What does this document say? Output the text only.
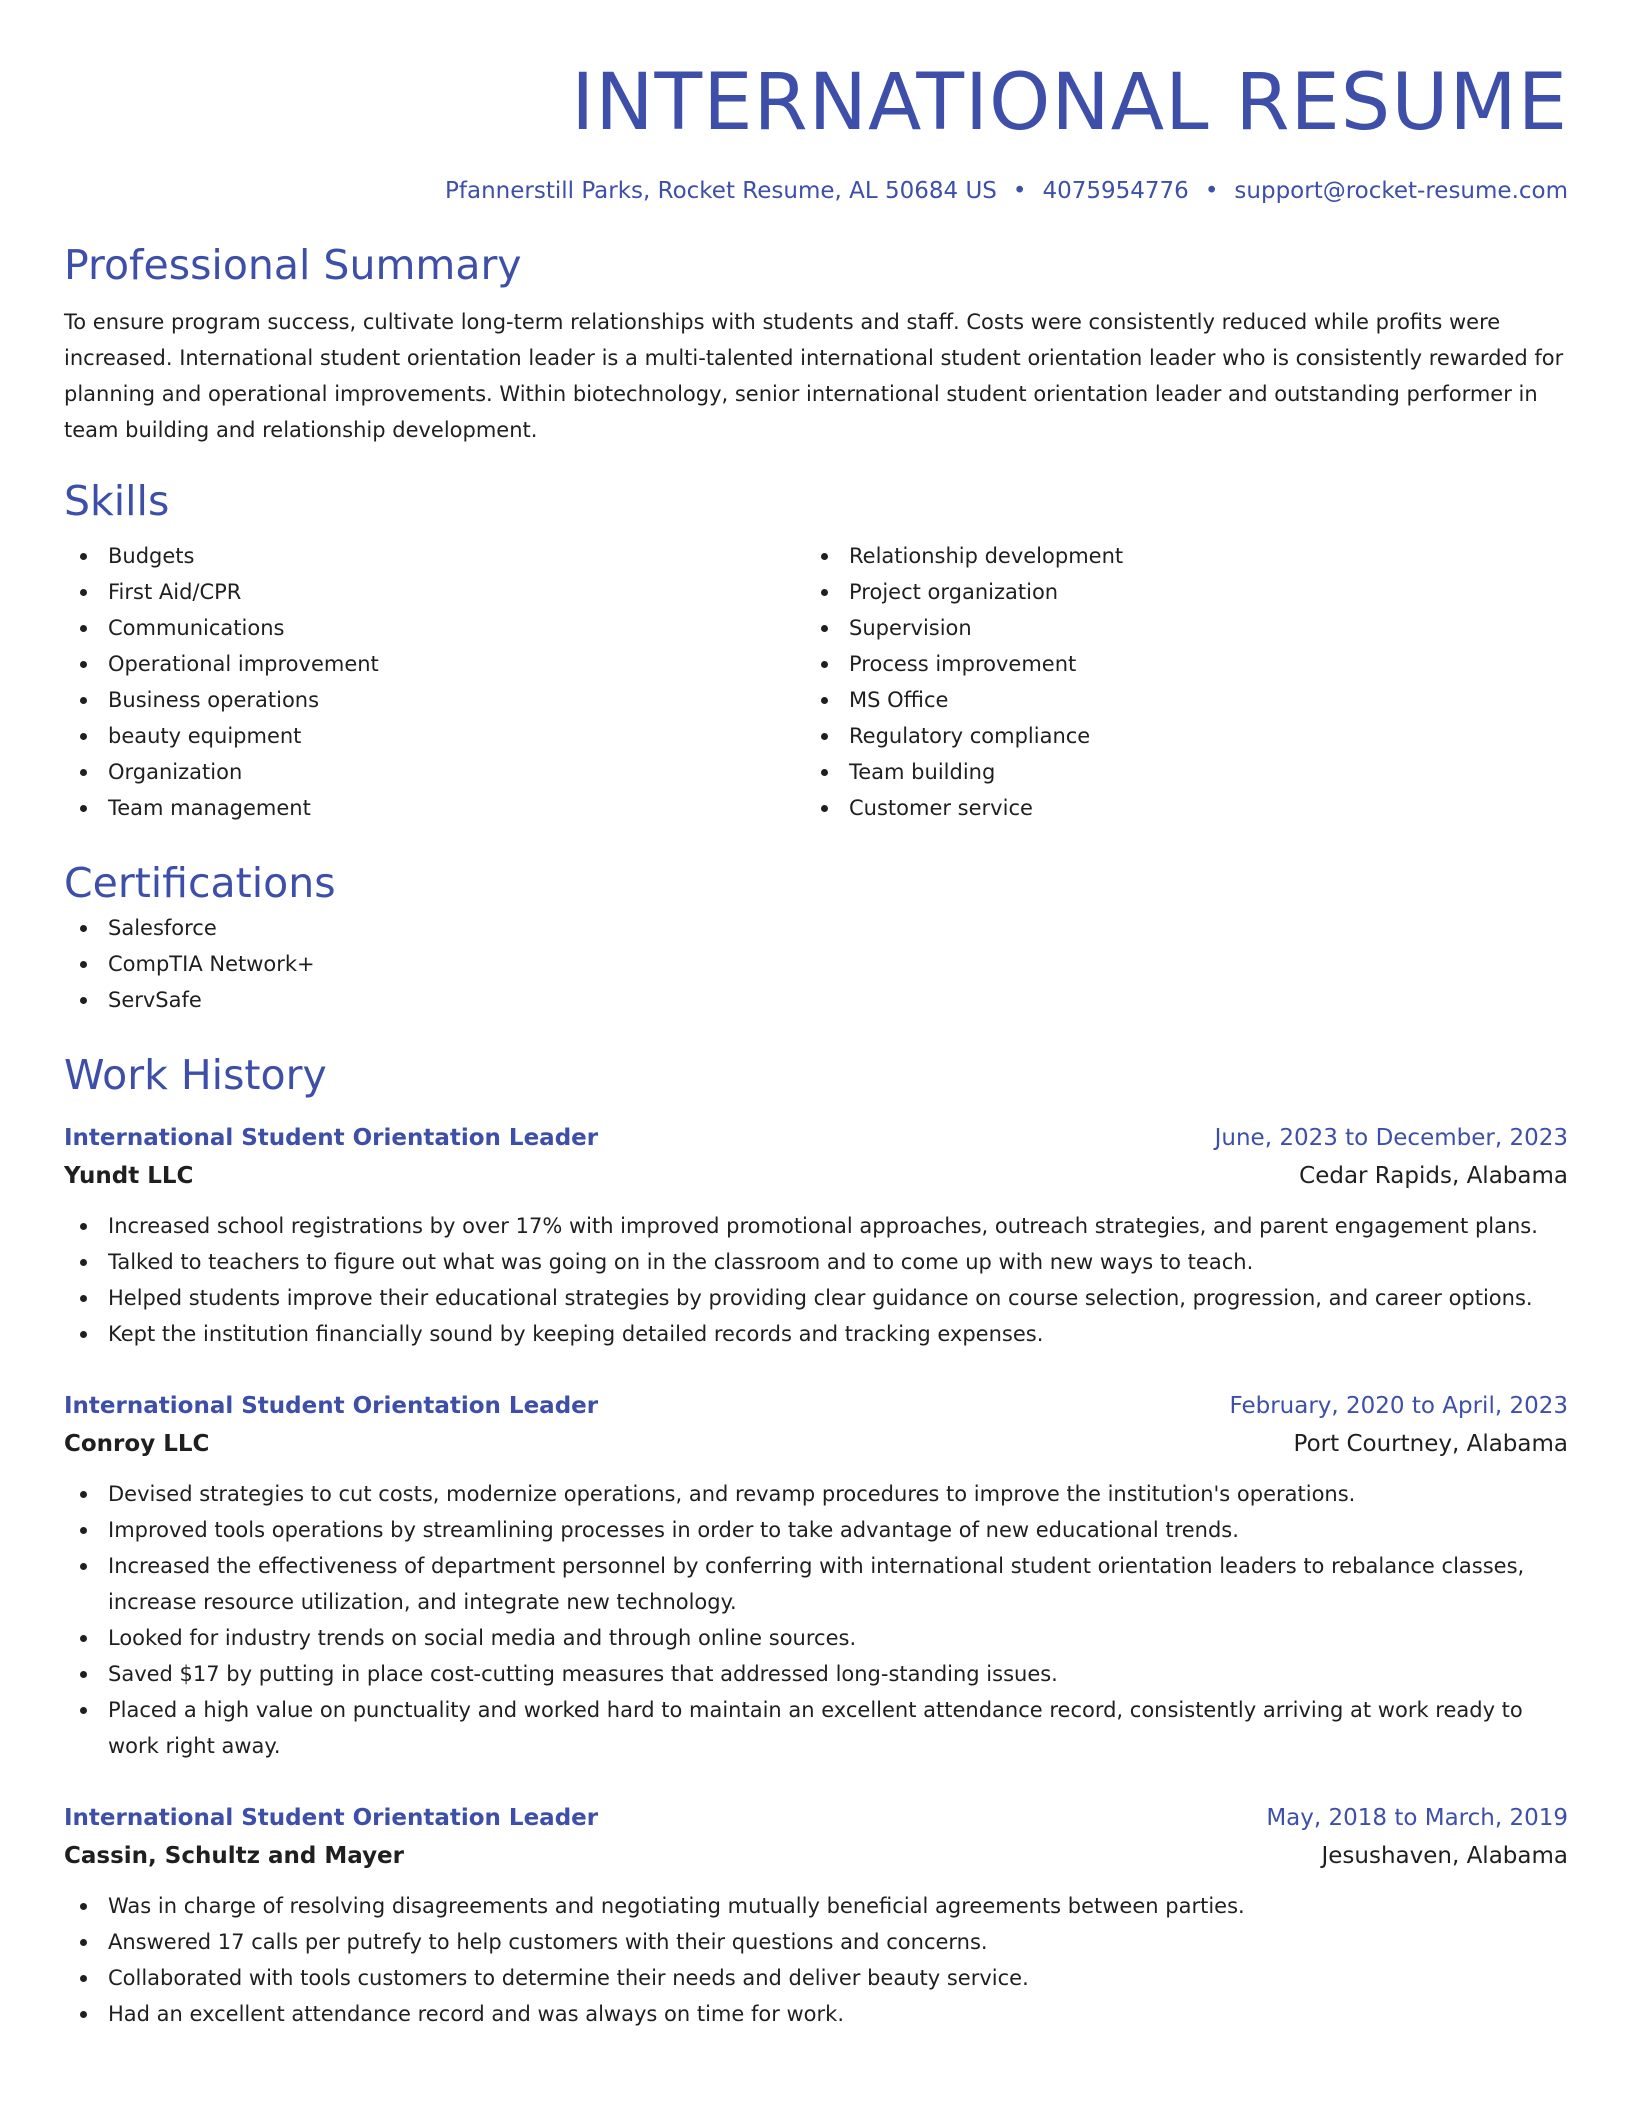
INTERNATIONAL RESUME
Pfannerstill Parks, Rocket Resume, AL 50684 US • 4075954776 • support@rocket-resume.com
Professional Summary

To ensure program success, cultivate long-term relationships with students and staff. Costs were consistently reduced while profits were increased. International student orientation leader is a multi-talented international student orientation leader who is consistently rewarded for planning and operational improvements. Within biotechnology, senior international student orientation leader and outstanding performer in team building and relationship development.

Skills
Budgets
First Aid/CPR
Communications
Operational improvement
Business operations
beauty equipment
Organization
Team management
Relationship development
Project organization
Supervision
Process improvement
MS Office
Regulatory compliance
Team building
Customer service
Certifications
Salesforce
CompTIA Network+
ServSafe
Work History
International Student Orientation Leader	June, 2023 to December, 2023
Yundt LLC	Cedar Rapids, Alabama
Increased school registrations by over 17% with improved promotional approaches, outreach strategies, and parent engagement plans.
Talked to teachers to figure out what was going on in the classroom and to come up with new ways to teach.
Helped students improve their educational strategies by providing clear guidance on course selection, progression, and career options.
Kept the institution financially sound by keeping detailed records and tracking expenses.
International Student Orientation Leader	February, 2020 to April, 2023
Conroy LLC	Port Courtney, Alabama
Devised strategies to cut costs, modernize operations, and revamp procedures to improve the institution's operations.
Improved tools operations by streamlining processes in order to take advantage of new educational trends.
Increased the effectiveness of department personnel by conferring with international student orientation leaders to rebalance classes, increase resource utilization, and integrate new technology.
Looked for industry trends on social media and through online sources.
Saved $17 by putting in place cost-cutting measures that addressed long-standing issues.
Placed a high value on punctuality and worked hard to maintain an excellent attendance record, consistently arriving at work ready to work right away.
International Student Orientation Leader	May, 2018 to March, 2019
Cassin, Schultz and Mayer	Jesushaven, Alabama
Was in charge of resolving disagreements and negotiating mutually beneficial agreements between parties.
Answered 17 calls per putrefy to help customers with their questions and concerns.
Collaborated with tools customers to determine their needs and deliver beauty service.
Had an excellent attendance record and was always on time for work.
